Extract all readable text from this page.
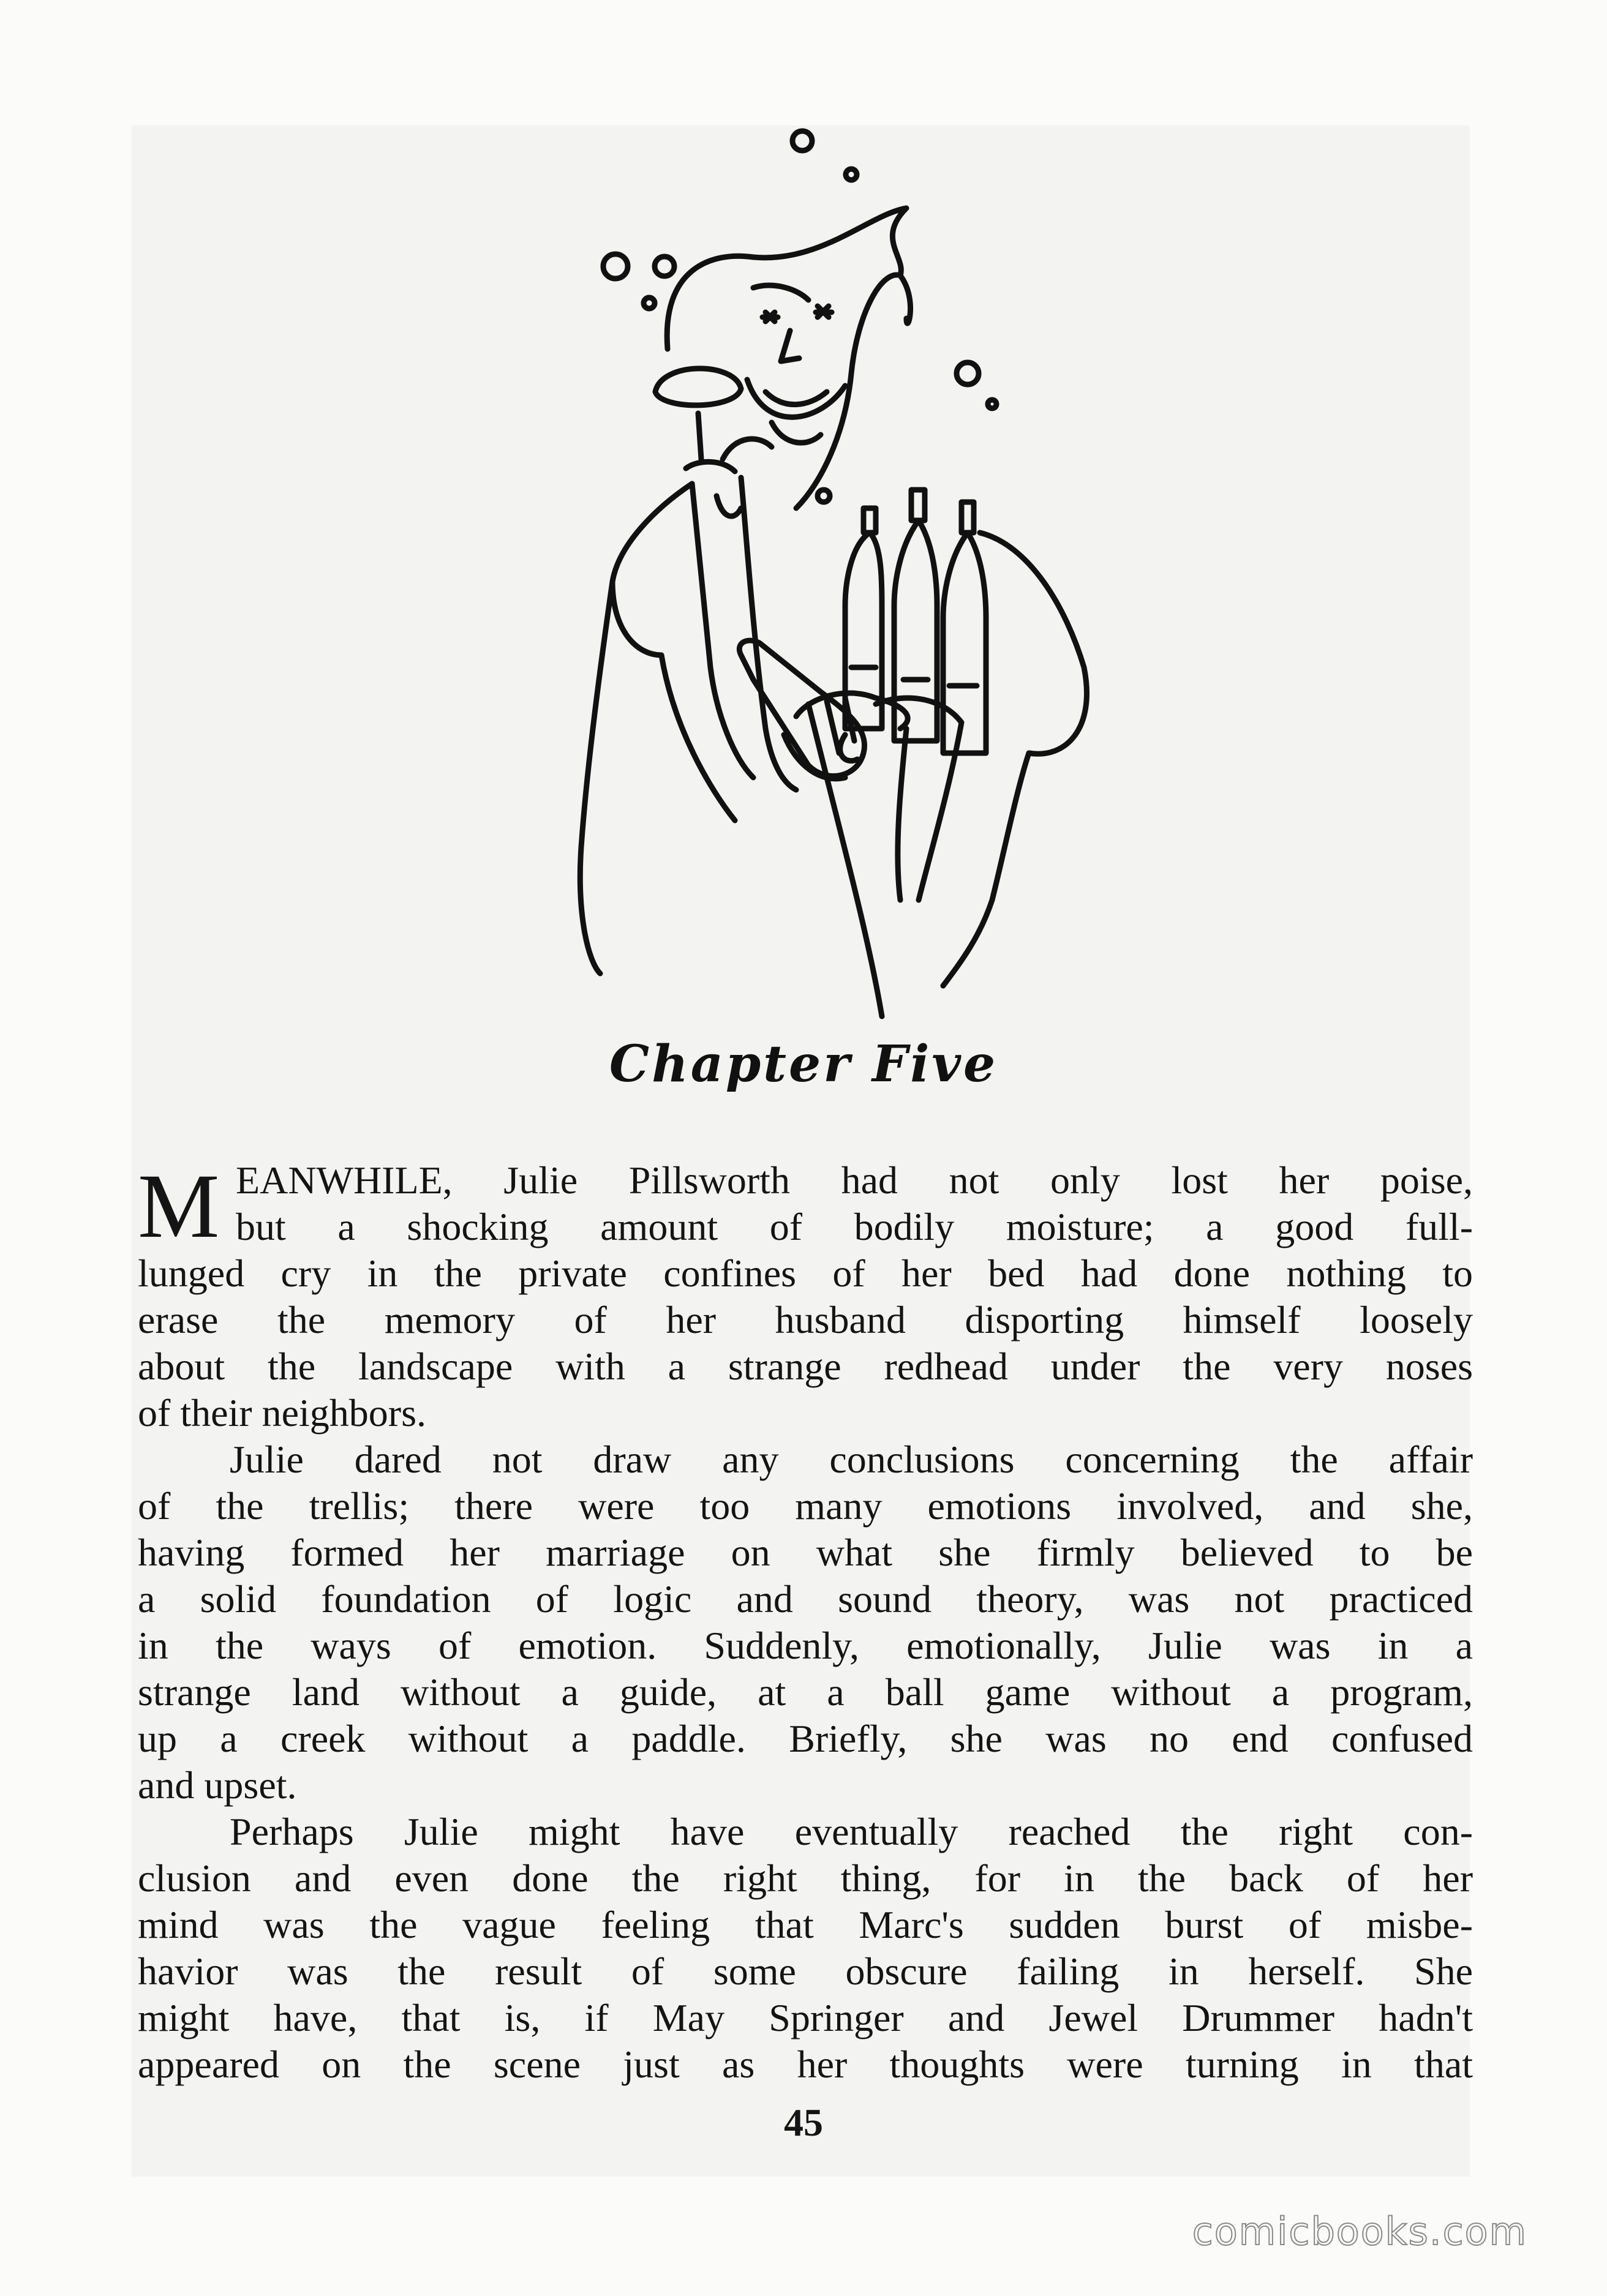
Chapter Five
M EANWHILE, Julie Pillsworth had not only lost her poise,
but a shocking amount of bodily moisture; a good full-
lunged cry in the private confines of her bed had done nothing to
erase the memory of her husband disporting himself loosely
about the landscape with a strange redhead under the very noses
of their neighbors.
Julie dared not draw any conclusions concerning the affair
of the trellis; there were too many emotions involved, and she,
having formed her marriage on what she firmly believed to be
a solid foundation of logic and sound theory, was not practiced
in the ways of emotion. Suddenly, emotionally, Julie was in a
strange land without a guide, at a ball game without a program,
up a creek without a paddle. Briefly, she was no end confused
and upset.
Perhaps Julie might have eventually reached the right con-
clusion and even done the right thing, for in the back of her
mind was the vague feeling that Marc's sudden burst of misbe-
havior was the result of some obscure failing in herself. She
might have, that is, if May Springer and Jewel Drummer hadn't
appeared on the scene just as her thoughts were turning in that
45
comicbooks.com
